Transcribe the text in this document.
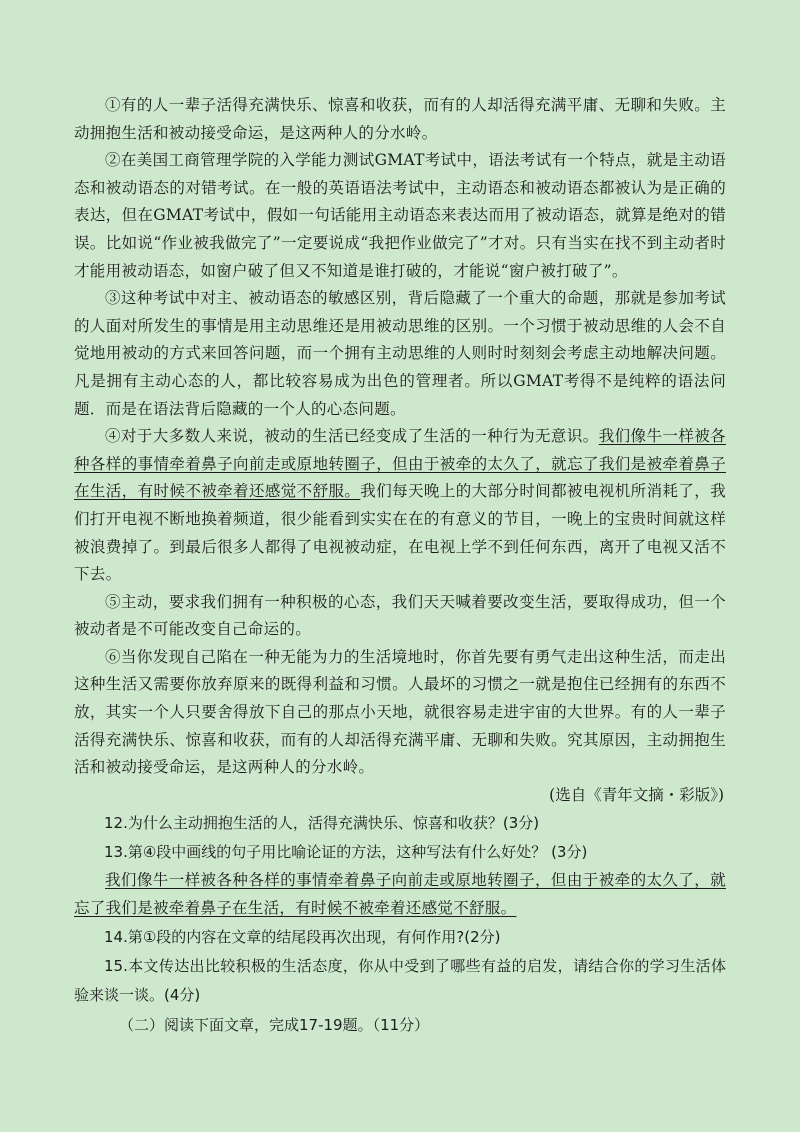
①有的人一辈子活得充满快乐、惊喜和收获，而有的人却活得充满平庸、无聊和失败。主动拥抱生活和被动接受命运，是这两种人的分水岭。

②在美国工商管理学院的入学能力测试GMAT考试中，语法考试有一个特点，就是主动语态和被动语态的对错考试。在一般的英语语法考试中，主动语态和被动语态都被认为是正确的表达，但在GMAT考试中，假如一句话能用主动语态来表达而用了被动语态，就算是绝对的错误。比如说“作业被我做完了”一定要说成“我把作业做完了”才对。只有当实在找不到主动者时才能用被动语态，如窗户破了但又不知道是谁打破的，才能说“窗户被打破了”。

③这种考试中对主、被动语态的敏感区别，背后隐藏了一个重大的命题，那就是参加考试的人面对所发生的事情是用主动思维还是用被动思维的区别。一个习惯于被动思维的人会不自觉地用被动的方式来回答问题，而一个拥有主动思维的人则时时刻刻会考虑主动地解决问题。凡是拥有主动心态的人，都比较容易成为出色的管理者。所以GMAT考得不是纯粹的语法问题．而是在语法背后隐藏的一个人的心态问题。

④对于大多数人来说，被动的生活已经变成了生活的一种行为无意识。我们像牛一样被各种各样的事情牵着鼻子向前走或原地转圈子，但由于被牵的太久了，就忘了我们是被牵着鼻子在生活，有时候不被牵着还感觉不舒服。我们每天晚上的大部分时间都被电视机所消耗了，我们打开电视不断地换着频道，很少能看到实实在在的有意义的节目，一晚上的宝贵时间就这样被浪费掉了。到最后很多人都得了电视被动症，在电视上学不到任何东西，离开了电视又活不下去。

⑤主动，要求我们拥有一种积极的心态，我们天天喊着要改变生活，要取得成功，但一个被动者是不可能改变自己命运的。

⑥当你发现自己陷在一种无能为力的生活境地时，你首先要有勇气走出这种生活，而走出这种生活又需要你放弃原来的既得利益和习惯。人最坏的习惯之一就是抱住已经拥有的东西不放，其实一个人只要舍得放下自己的那点小天地，就很容易走进宇宙的大世界。有的人一辈子活得充满快乐、惊喜和收获，而有的人却活得充满平庸、无聊和失败。究其原因，主动拥抱生活和被动接受命运，是这两种人的分水岭。

(选自《青年文摘・彩版》)

12.为什么主动拥抱生活的人，活得充满快乐、惊喜和收获？(3分)

13.第④段中画线的句子用比喻论证的方法，这种写法有什么好处？ (3分)

我们像牛一样被各种各样的事情牵着鼻子向前走或原地转圈子，但由于被牵的太久了，就忘了我们是被牵着鼻子在生活，有时候不被牵着还感觉不舒服。

14.第①段的内容在文章的结尾段再次出现，有何作用?(2分)

15.本文传达出比较积极的生活态度，你从中受到了哪些有益的启发，请结合你的学习生活体验来谈一谈。(4分)

（二）阅读下面文章，完成17-19题。（11分）
